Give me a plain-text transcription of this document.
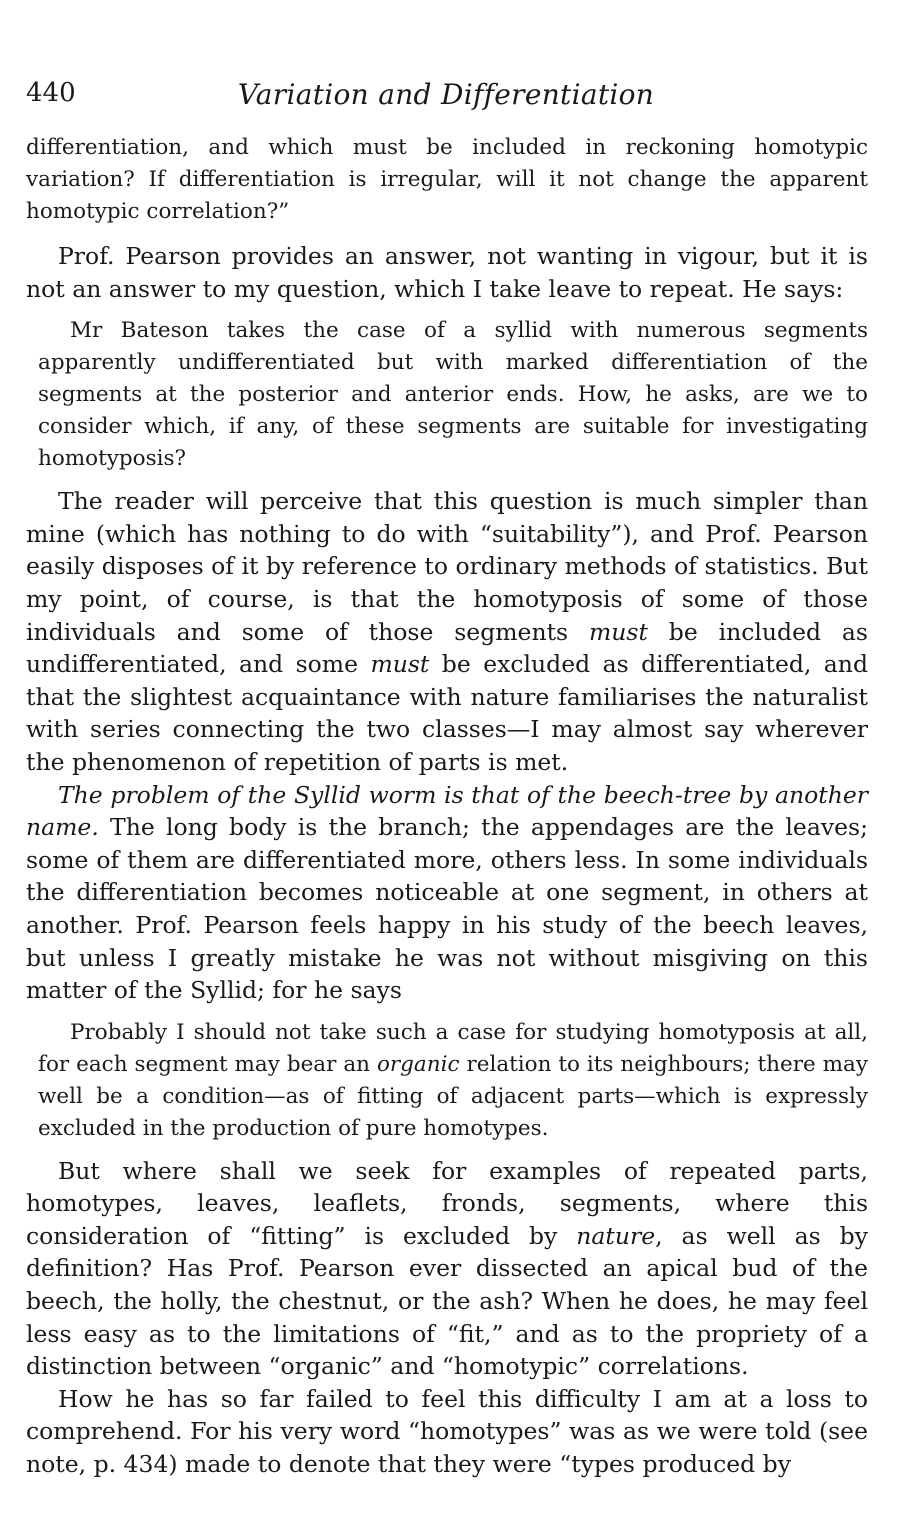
440	Variation and Differentiation

differentiation, and which must be included in reckoning homotypic variation? If differentiation is irregular, will it not change the apparent homotypic correlation?”

Prof. Pearson provides an answer, not wanting in vigour, but it is not an answer to my question, which I take leave to repeat. He says:

Mr Bateson takes the case of a syllid with numerous segments apparently undifferentiated but with marked differentiation of the segments at the posterior and anterior ends. How, he asks, are we to consider which, if any, of these segments are suitable for investigating homotyposis?

The reader will perceive that this question is much simpler than mine (which has nothing to do with “suitability”), and Prof. Pearson easily disposes of it by reference to ordinary methods of statistics. But my point, of course, is that the homotyposis of some of those individuals and some of those segments must be included as undifferentiated, and some must be excluded as differentiated, and that the slightest acquaintance with nature familiarises the naturalist with series connecting the two classes—I may almost say wherever the phenomenon of repetition of parts is met.

The problem of the Syllid worm is that of the beech-tree by another name. The long body is the branch; the appendages are the leaves; some of them are differentiated more, others less. In some individuals the differentiation becomes noticeable at one segment, in others at another. Prof. Pearson feels happy in his study of the beech leaves, but unless I greatly mistake he was not without misgiving on this matter of the Syllid; for he says

Probably I should not take such a case for studying homotyposis at all, for each segment may bear an organic relation to its neighbours; there may well be a condition—as of fitting of adjacent parts—which is expressly excluded in the production of pure homotypes.

But where shall we seek for examples of repeated parts, homotypes, leaves, leaflets, fronds, segments, where this consideration of “fitting” is excluded by nature, as well as by definition? Has Prof. Pearson ever dissected an apical bud of the beech, the holly, the chestnut, or the ash? When he does, he may feel less easy as to the limitations of “fit,” and as to the propriety of a distinction between “organic” and “homotypic” correlations.

How he has so far failed to feel this difficulty I am at a loss to comprehend. For his very word “homotypes” was as we were told (see note, p. 434) made to denote that they were “types produced by
